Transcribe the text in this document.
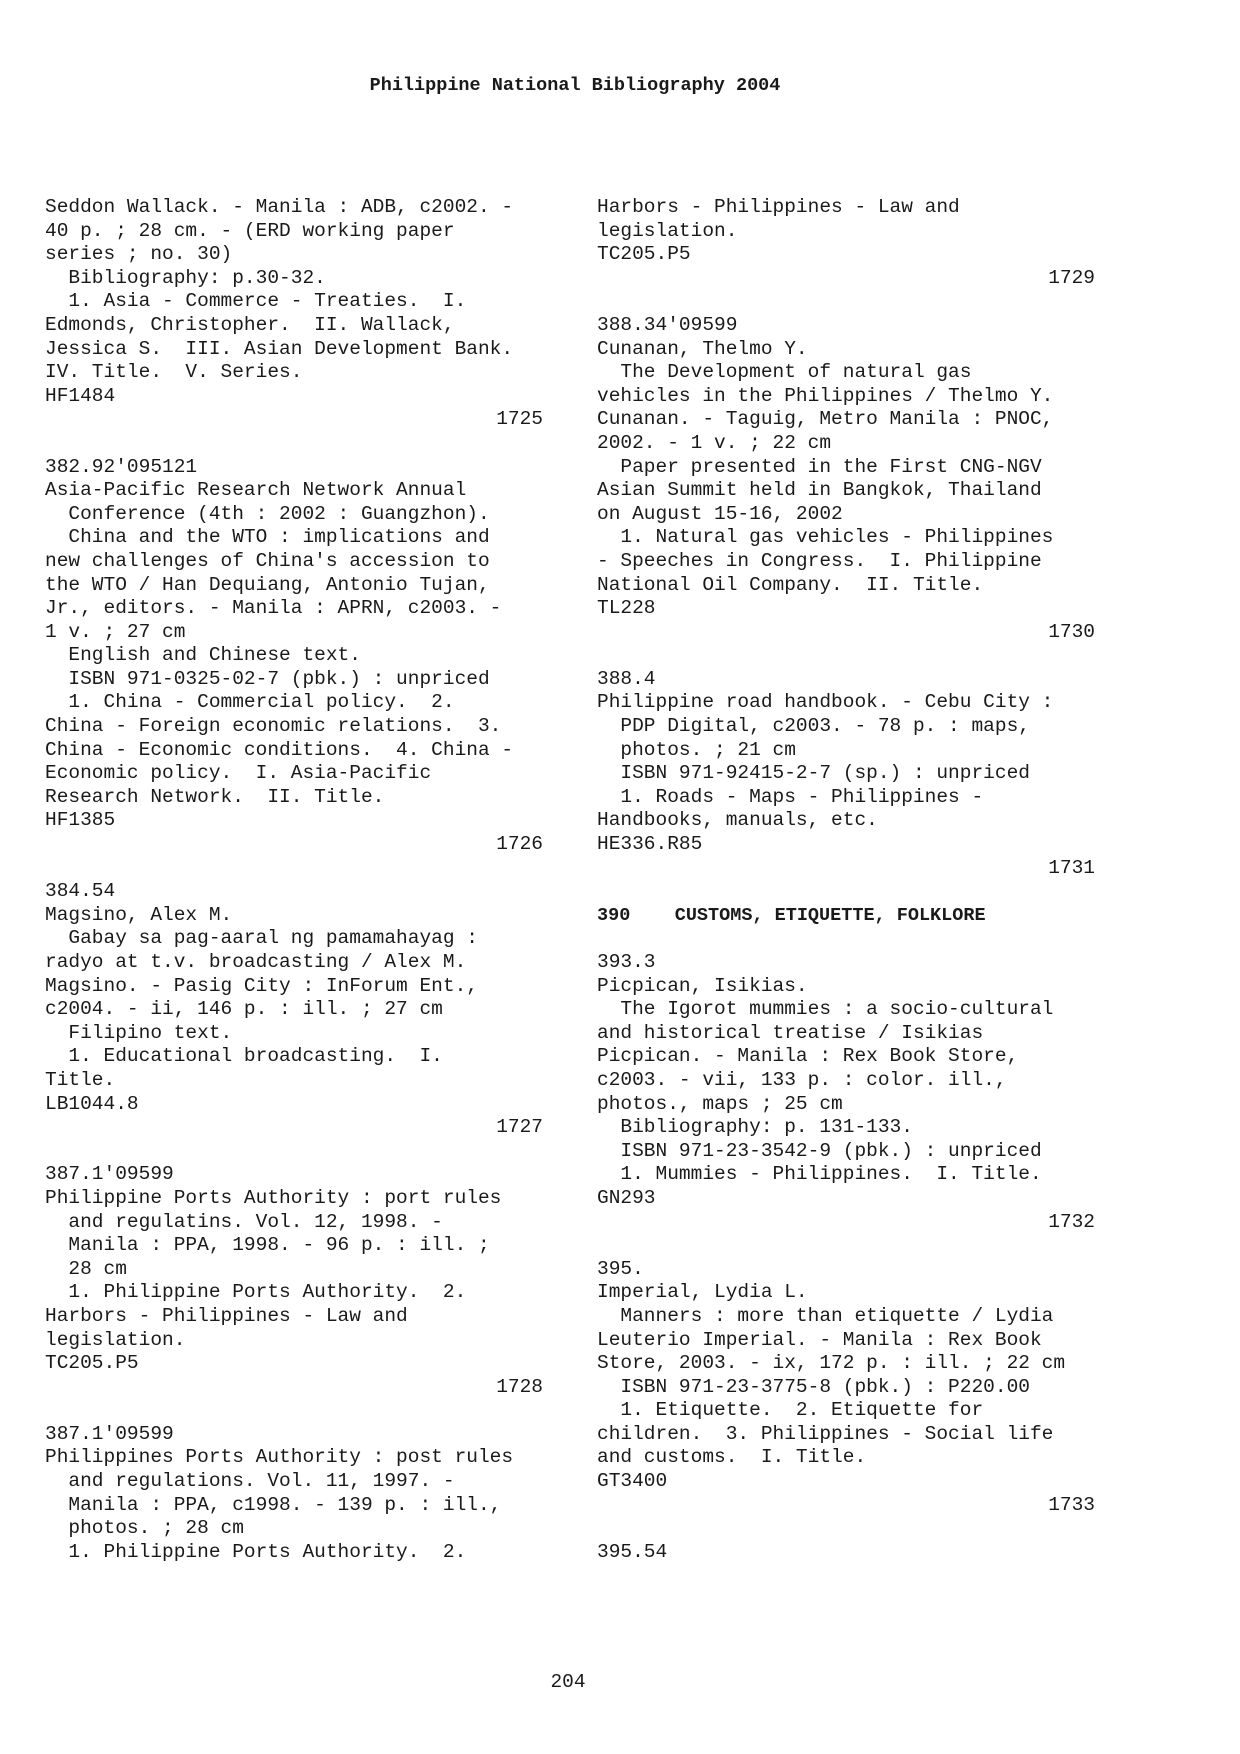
Philippine National Bibliography 2004
Seddon Wallack. - Manila : ADB, c2002. -
40 p. ; 28 cm. - (ERD working paper
series ; no. 30)
Bibliography: p.30-32.
1. Asia - Commerce - Treaties.  I.
Edmonds, Christopher.  II. Wallack,
Jessica S.  III. Asian Development Bank.
IV. Title.  V. Series.
HF1484
1725
382.92'095121
Asia-Pacific Research Network Annual
Conference (4th : 2002 : Guangzhon).
China and the WTO : implications and
new challenges of China's accession to
the WTO / Han Dequiang, Antonio Tujan,
Jr., editors. - Manila : APRN, c2003. -
1 v. ; 27 cm
English and Chinese text.
ISBN 971-0325-02-7 (pbk.) : unpriced
1. China - Commercial policy.  2.
China - Foreign economic relations.  3.
China - Economic conditions.  4. China -
Economic policy.  I. Asia-Pacific
Research Network.  II. Title.
HF1385
1726
384.54
Magsino, Alex M.
Gabay sa pag-aaral ng pamamahayag :
radyo at t.v. broadcasting / Alex M.
Magsino. - Pasig City : InForum Ent.,
c2004. - ii, 146 p. : ill. ; 27 cm
Filipino text.
1. Educational broadcasting.  I.
Title.
LB1044.8
1727
387.1'09599
Philippine Ports Authority : port rules
and regulatins. Vol. 12, 1998. -
Manila : PPA, 1998. - 96 p. : ill. ;
28 cm
1. Philippine Ports Authority.  2.
Harbors - Philippines - Law and
legislation.
TC205.P5
1728
387.1'09599
Philippines Ports Authority : post rules
and regulations. Vol. 11, 1997. -
Manila : PPA, c1998. - 139 p. : ill.,
photos. ; 28 cm
1. Philippine Ports Authority.  2.
Harbors - Philippines - Law and
legislation.
TC205.P5
1729
388.34'09599
Cunanan, Thelmo Y.
The Development of natural gas
vehicles in the Philippines / Thelmo Y.
Cunanan. - Taguig, Metro Manila : PNOC,
2002. - 1 v. ; 22 cm
Paper presented in the First CNG-NGV
Asian Summit held in Bangkok, Thailand
on August 15-16, 2002
1. Natural gas vehicles - Philippines
- Speeches in Congress.  I. Philippine
National Oil Company.  II. Title.
TL228
1730
388.4
Philippine road handbook. - Cebu City :
PDP Digital, c2003. - 78 p. : maps,
photos. ; 21 cm
ISBN 971-92415-2-7 (sp.) : unpriced
1. Roads - Maps - Philippines -
Handbooks, manuals, etc.
HE336.R85
1731
390    CUSTOMS, ETIQUETTE, FOLKLORE
393.3
Picpican, Isikias.
The Igorot mummies : a socio-cultural
and historical treatise / Isikias
Picpican. - Manila : Rex Book Store,
c2003. - vii, 133 p. : color. ill.,
photos., maps ; 25 cm
Bibliography: p. 131-133.
ISBN 971-23-3542-9 (pbk.) : unpriced
1. Mummies - Philippines.  I. Title.
GN293
1732
395.
Imperial, Lydia L.
Manners : more than etiquette / Lydia
Leuterio Imperial. - Manila : Rex Book
Store, 2003. - ix, 172 p. : ill. ; 22 cm
ISBN 971-23-3775-8 (pbk.) : P220.00
1. Etiquette.  2. Etiquette for
children.  3. Philippines - Social life
and customs.  I. Title.
GT3400
1733
395.54
204
